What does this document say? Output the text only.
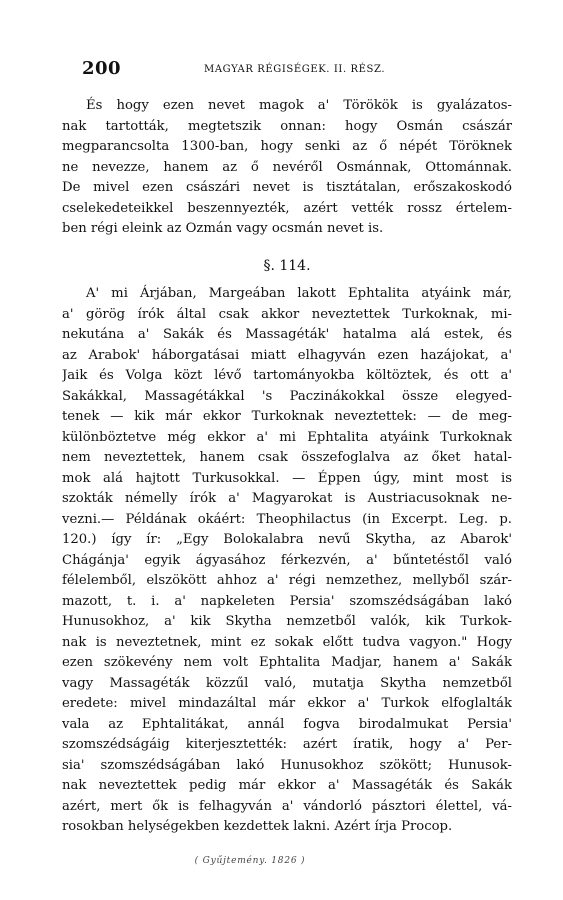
200	MAGYAR RÉGISÉGEK. II. RÉSZ.
És hogy ezen nevet magok a' Törökök is gyalázatos-
nak tartották, megtetszik onnan: hogy Osmán császár
megparancsolta 1300-ban, hogy senki az ő népét Töröknek
ne nevezze, hanem az ő nevéről Osmánnak, Ottománnak.
De mivel ezen császári nevet is tisztátalan, erőszakoskodó
cselekedeteikkel beszennyezték, azért vették rossz értelem-
ben régi eleink az Ozmán vagy ocsmán nevet is.
§. 114.
A' mi Árjában, Margeában lakott Ephtalita atyáink már,
a' görög írók által csak akkor neveztettek Turkoknak, mi-
nekutána a' Sakák és Massagéták' hatalma alá estek, és
az Arabok' háborgatásai miatt elhagyván ezen hazájokat, a'
Jaik és Volga közt lévő tartományokba költöztek, és ott a'
Sakákkal, Massagétákkal 's Paczinákokkal össze elegyed-
tenek — kik már ekkor Turkoknak neveztettek: — de meg-
különböztetve még ekkor a' mi Ephtalita atyáink Turkoknak
nem neveztettek, hanem csak összefoglalva az őket hatal-
mok alá hajtott Turkusokkal. — Éppen úgy, mint most is
szokták némelly írók a' Magyarokat is Austriacusoknak ne-
vezni.— Példának okáért: Theophilactus (in Excerpt. Leg. p.
120.) így ír: „Egy Bolokalabra nevű Skytha, az Abarok'
Chágánja' egyik ágyasához férkezvén, a' bűntetéstől való
félelemből, elszökött ahhoz a' régi nemzethez, mellyből szár-
mazott, t. i. a' napkeleten Persia' szomszédságában lakó
Hunusokhoz, a' kik Skytha nemzetből valók, kik Turkok-
nak is neveztetnek, mint ez sokak előtt tudva vagyon." Hogy
ezen szökevény nem volt Ephtalita Madjar, hanem a' Sakák
vagy Massagéták közzűl való, mutatja Skytha nemzetből
eredete: mivel mindazáltal már ekkor a' Turkok elfoglalták
vala az Ephtalitákat, annál fogva birodalmukat Persia'
szomszédságáig kiterjesztették: azért íratik, hogy a' Per-
sia' szomszédságában lakó Hunusokhoz szökött; Hunusok-
nak neveztettek pedig már ekkor a' Massagéták és Sakák
azért, mert ők is felhagyván a' vándorló pásztori élettel, vá-
rosokban helységekben kezdettek lakni. Azért írja Procop.
( Gyűjtemény. 1826 )
